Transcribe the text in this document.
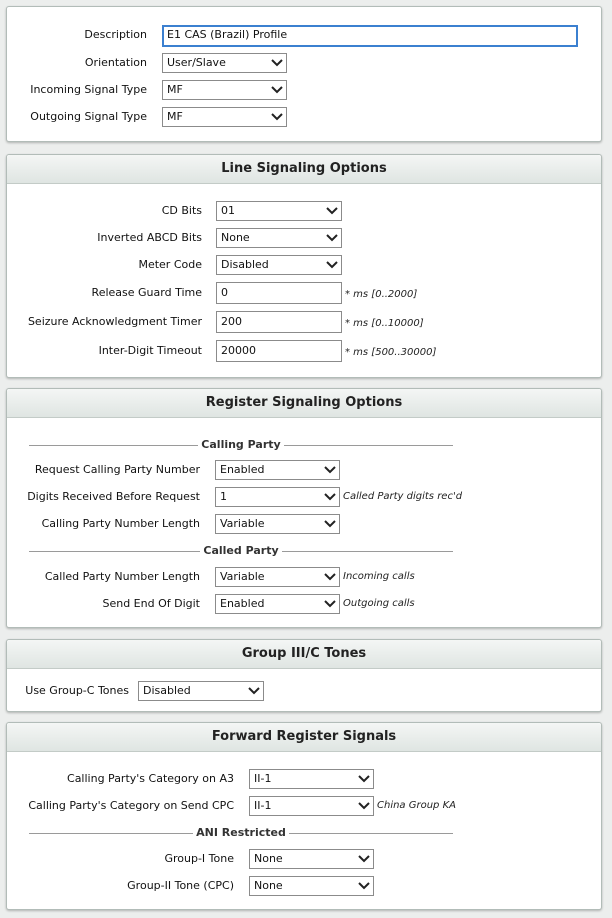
Description	E1 CAS (Brazil) Profile
Orientation	User/Slave
Incoming Signal Type	MF
Outgoing Signal Type	MF
Line Signaling Options
CD Bits	01
Inverted ABCD Bits	None
Meter Code	Disabled
Release Guard Time	0	* ms [0..2000]
Seizure Acknowledgment Timer	200	* ms [0..10000]
Inter-Digit Timeout	20000	* ms [500..30000]
Register Signaling Options
Calling Party
Request Calling Party Number	Enabled
Digits Received Before Request	1	Called Party digits rec'd
Calling Party Number Length	Variable
Called Party
Called Party Number Length	Variable	Incoming calls
Send End Of Digit	Enabled	Outgoing calls
Group III/C Tones
Use Group-C Tones	Disabled
Forward Register Signals
Calling Party's Category on A3	II-1
Calling Party's Category on Send CPC	II-1	China Group KA
ANI Restricted
Group-I Tone	None
Group-II Tone (CPC)	None
